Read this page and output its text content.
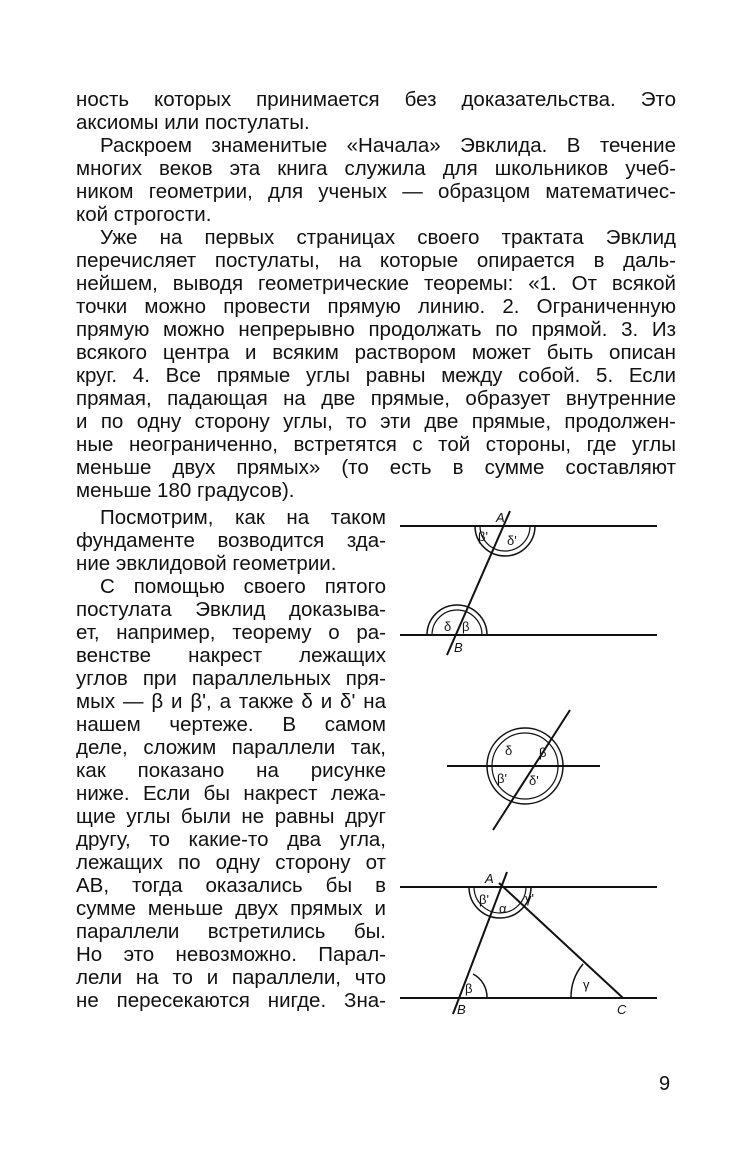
ность которых принимается без доказательства. Это

аксиомы или постулаты.

Раскроем знаменитые «Начала» Эвклида. В течение

многих веков эта книга служила для школьников учеб-

ником геометрии, для ученых — образцом математичес-

кой строгости.

Уже на первых страницах своего трактата Эвклид

перечисляет постулаты, на которые опирается в даль-

нейшем, выводя геометрические теоремы: «1. От всякой

точки можно провести прямую линию. 2. Ограниченную

прямую можно непрерывно продолжать по прямой. 3. Из

всякого центра и всяким раствором может быть описан

круг. 4. Все прямые углы равны между собой. 5. Если

прямая, падающая на две прямые, образует внутренние

и по одну сторону углы, то эти две прямые, продолжен-

ные неограниченно, встретятся с той стороны, где углы

меньше двух прямых» (то есть в сумме составляют

меньше 180 градусов).

Посмотрим, как на таком

фундаменте возводится зда-

ние эвклидовой геометрии.

С помощью своего пятого

постулата Эвклид доказыва-

ет, например, теорему о ра-

венстве накрест лежащих

углов при параллельных пря-

мых — β и β', а также δ и δ' на

нашем чертеже. В самом

деле, сложим параллели так,

как показано на рисунке

ниже. Если бы накрест лежа-

щие углы были не равны друг

другу, то какие-то два угла,

лежащих по одну сторону от

АВ, тогда оказались бы в

сумме меньше двух прямых и

параллели встретились бы.

Но это невозможно. Парал-

лели на то и параллели, что

не пересекаются нигде. Зна-

A
β' δ'
δ β
B
δ β
β' δ'
A
β'
α
γ'
β	γ
B	C
9
